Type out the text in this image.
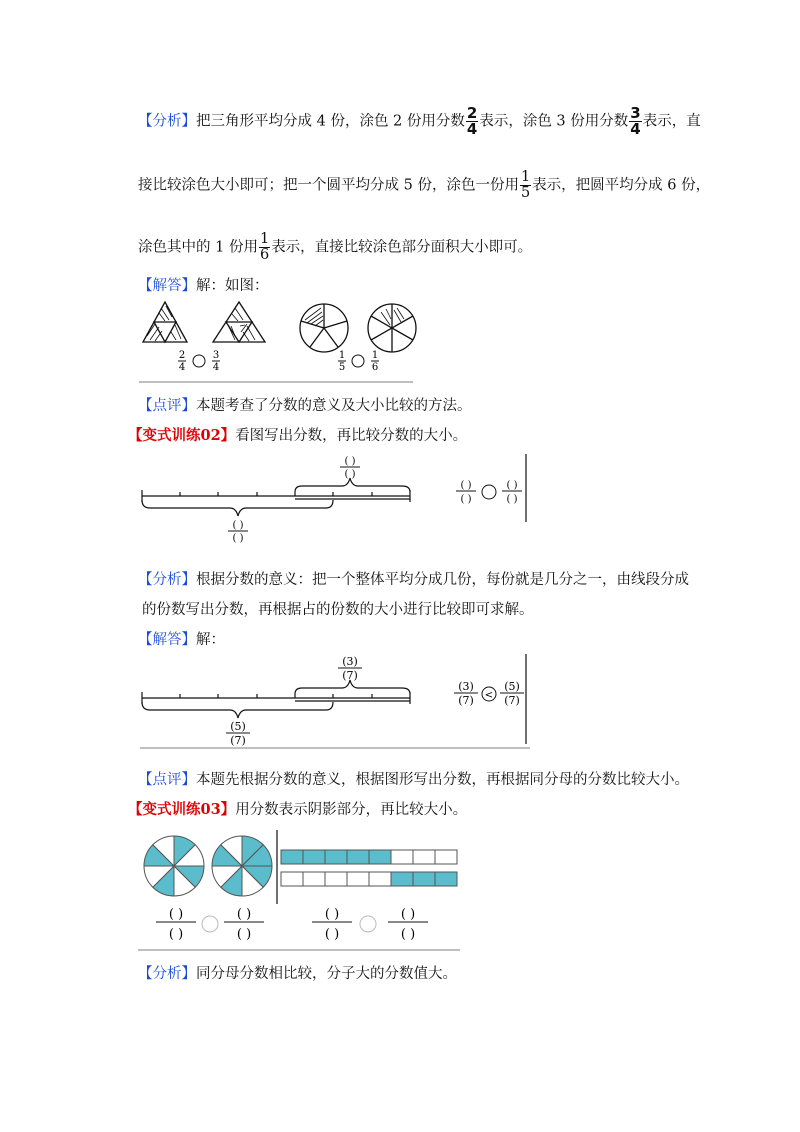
【分析】把三角形平均分成 4 份，涂色 2 份用分数 $\frac{2}{4}$ 表示，涂色 3 份用分数 $\frac{3}{4}$ 表示，直
接比较涂色大小即可；把一个圆平均分成 5 份，涂色一份用 $\frac{1}{5}$ 表示，把圆平均分成 6 份，
涂色其中的 1 份用 $\frac{1}{6}$ 表示，直接比较涂色部分面积大小即可。
【解答】解：如图：
2
4
3
4
1
5
1
6
【点评】本题考查了分数的意义及大小比较的方法。
【变式训练02】看图写出分数，再比较分数的大小。
( )
( )
( )
( )
( )
( )
( )
( )
【分析】根据分数的意义：把一个整体平均分成几份，每份就是几分之一，由线段分成
的份数写出分数，再根据占的份数的大小进行比较即可求解。
【解答】解：
(3)
(7)
(5)
(7)
(3)
(7) <
(5)
(7)
【点评】本题先根据分数的意义，根据图形写出分数，再根据同分母的分数比较大小。
【变式训练03】用分数表示阴影部分，再比较大小。
( )
( )
( )
( )
( )
( )
( )
( )
【分析】同分母分数相比较，分子大的分数值大。
